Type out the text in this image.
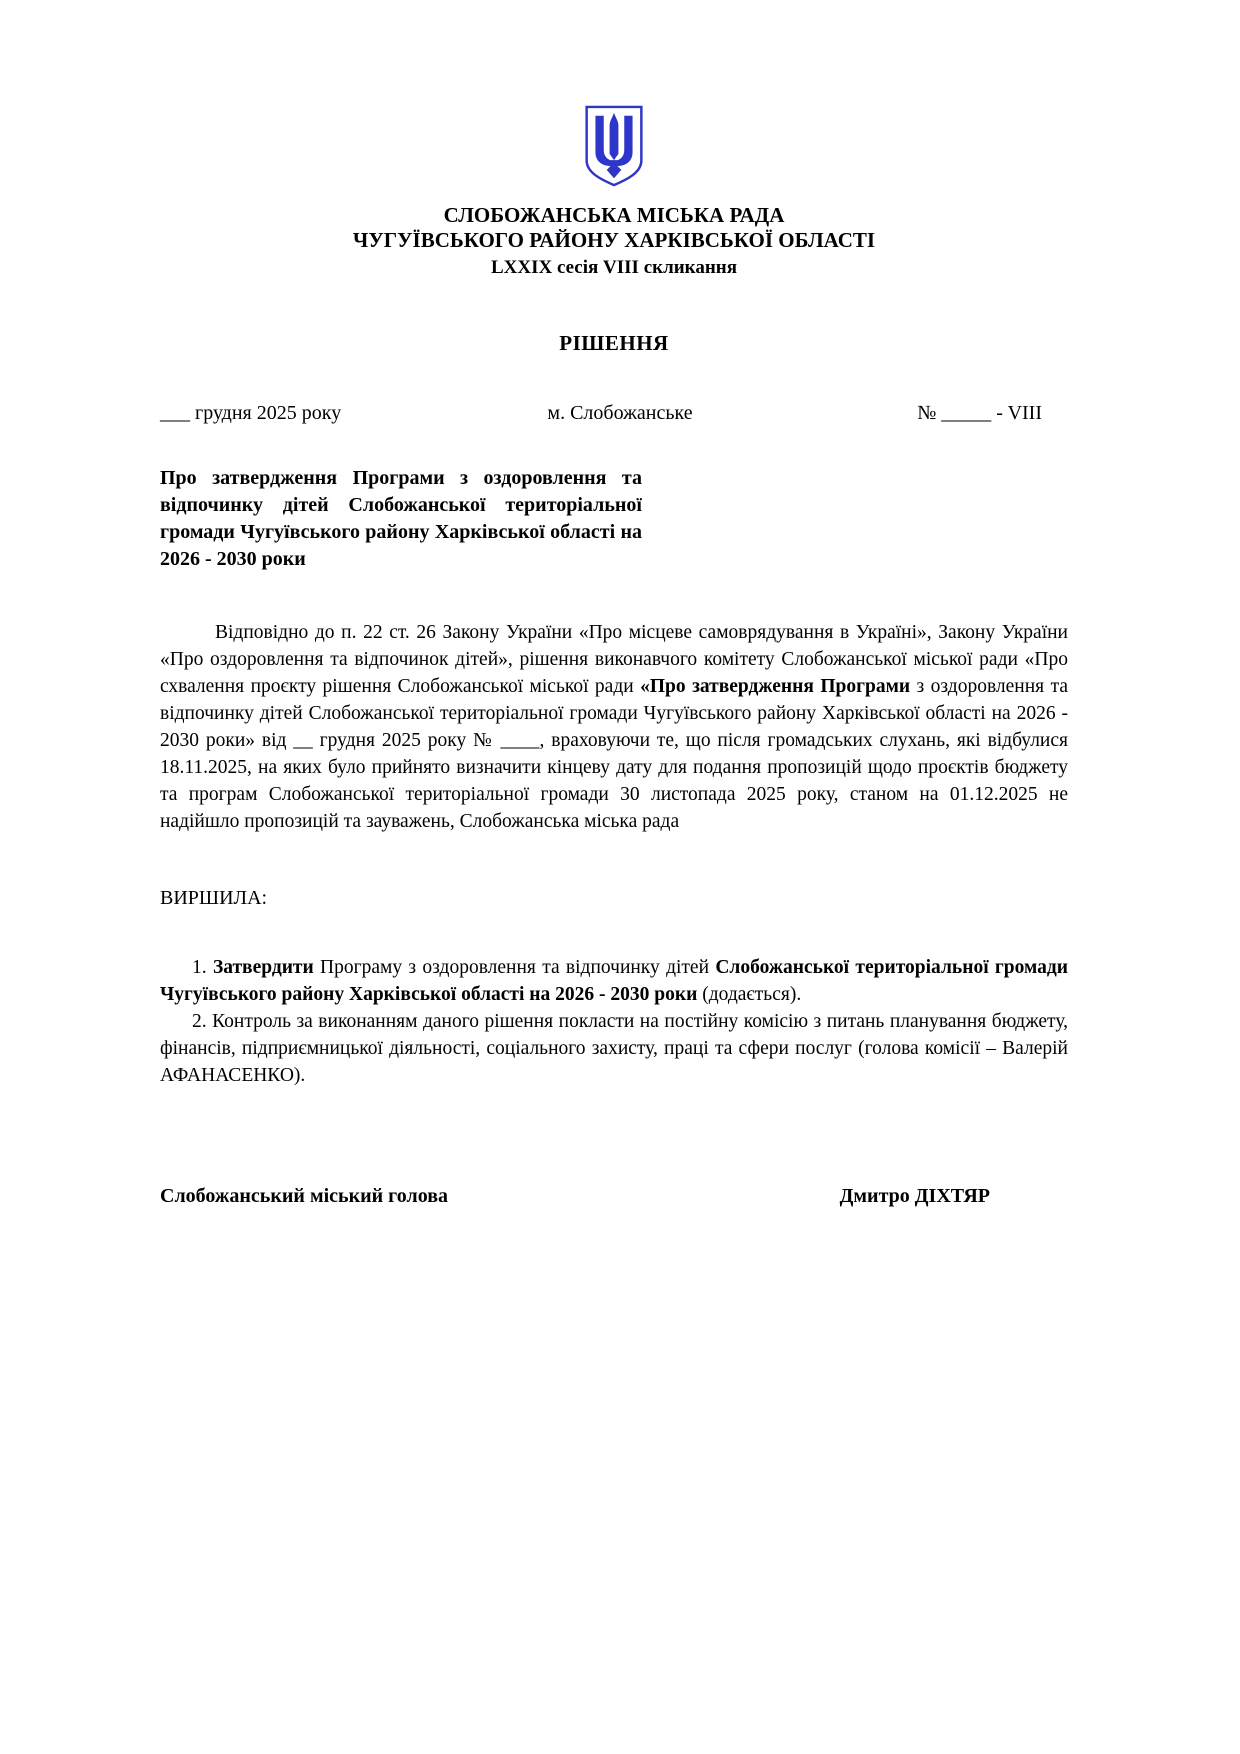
СЛОБОЖАНСЬКА МІСЬКА РАДА
ЧУГУЇВСЬКОГО РАЙОНУ ХАРКІВСЬКОЇ ОБЛАСТІ
LXXIX сесія VIII скликання
РІШЕННЯ
___ грудня 2025 року	м. Слобожанське	№ _____ - VIII
Про затвердження Програми з оздоровлення та відпочинку дітей Слобожанської територіальної громади Чугуївського району Харківської області на 2026 - 2030 роки

Відповідно до п. 22 ст. 26 Закону України «Про місцеве самоврядування в Україні», Закону України «Про оздоровлення та відпочинок дітей», рішення виконавчого комітету Слобожанської міської ради «Про схвалення проєкту рішення Слобожанської міської ради «Про затвердження Програми з оздоровлення та відпочинку дітей Слобожанської територіальної громади Чугуївського району Харківської області на 2026 - 2030 роки» від __ грудня 2025 року № ____, враховуючи те, що після громадських слухань, які відбулися 18.11.2025, на яких було прийнято визначити кінцеву дату для подання пропозицій щодо проєктів бюджету та програм Слобожанської територіальної громади 30 листопада 2025 року, станом на 01.12.2025 не надійшло пропозицій та зауважень, Слобожанська міська рада

ВИРШИЛА:

1. Затвердити Програму з оздоровлення та відпочинку дітей Слобожанської територіальної громади Чугуївського району Харківської області на 2026 - 2030 роки (додається).

2. Контроль за виконанням даного рішення покласти на постійну комісію з питань планування бюджету, фінансів, підприємницької діяльності, соціального захисту, праці та сфери послуг (голова комісії – Валерій АФАНАСЕНКО).

Слобожанський міський голова	Дмитро ДІХТЯР
